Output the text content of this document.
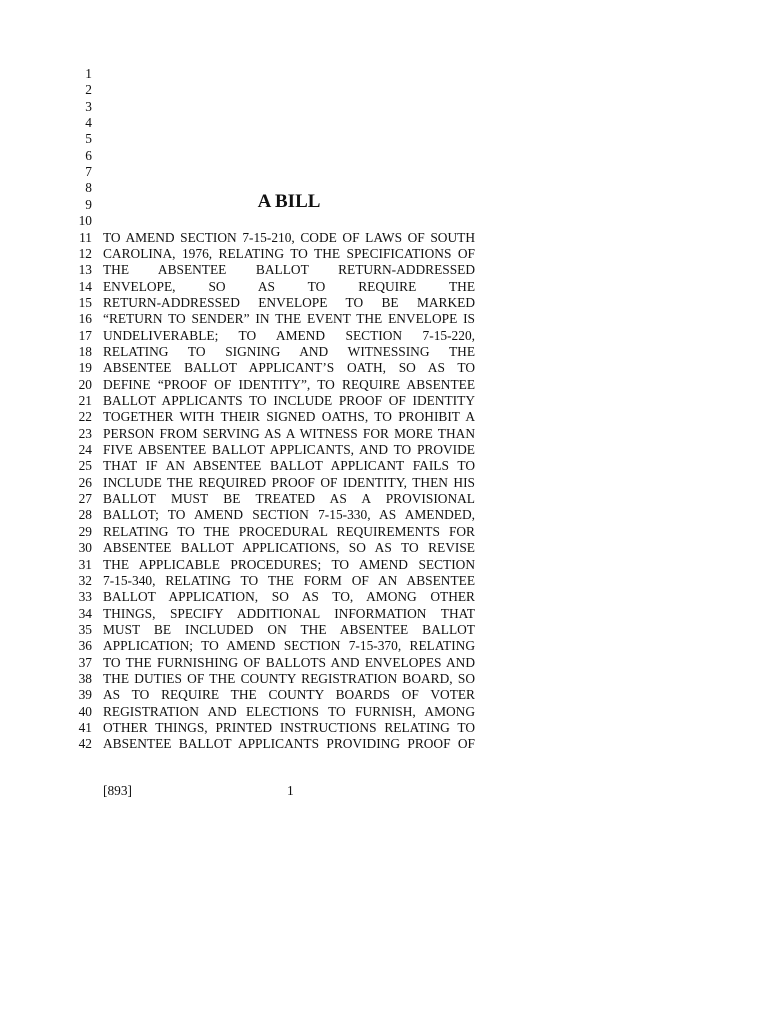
1
2
3
4
5
6
7
8
9	A BILL
10
11 TO AMEND SECTION 7-15-210, CODE OF LAWS OF SOUTH
12 CAROLINA, 1976, RELATING TO THE SPECIFICATIONS OF
13 THE ABSENTEE BALLOT RETURN-ADDRESSED
14 ENVELOPE, SO AS TO REQUIRE THE
15 RETURN-ADDRESSED ENVELOPE TO BE MARKED
16 “RETURN TO SENDER” IN THE EVENT THE ENVELOPE IS
17 UNDELIVERABLE; TO AMEND SECTION 7-15-220,
18 RELATING TO SIGNING AND WITNESSING THE
19 ABSENTEE BALLOT APPLICANT’S OATH, SO AS TO
20 DEFINE “PROOF OF IDENTITY”, TO REQUIRE ABSENTEE
21 BALLOT APPLICANTS TO INCLUDE PROOF OF IDENTITY
22 TOGETHER WITH THEIR SIGNED OATHS, TO PROHIBIT A
23 PERSON FROM SERVING AS A WITNESS FOR MORE THAN
24 FIVE ABSENTEE BALLOT APPLICANTS, AND TO PROVIDE
25 THAT IF AN ABSENTEE BALLOT APPLICANT FAILS TO
26 INCLUDE THE REQUIRED PROOF OF IDENTITY, THEN HIS
27 BALLOT MUST BE TREATED AS A PROVISIONAL
28 BALLOT; TO AMEND SECTION 7-15-330, AS AMENDED,
29 RELATING TO THE PROCEDURAL REQUIREMENTS FOR
30 ABSENTEE BALLOT APPLICATIONS, SO AS TO REVISE
31 THE APPLICABLE PROCEDURES; TO AMEND SECTION
32 7-15-340, RELATING TO THE FORM OF AN ABSENTEE
33 BALLOT APPLICATION, SO AS TO, AMONG OTHER
34 THINGS, SPECIFY ADDITIONAL INFORMATION THAT
35 MUST BE INCLUDED ON THE ABSENTEE BALLOT
36 APPLICATION; TO AMEND SECTION 7-15-370, RELATING
37 TO THE FURNISHING OF BALLOTS AND ENVELOPES AND
38 THE DUTIES OF THE COUNTY REGISTRATION BOARD, SO
39 AS TO REQUIRE THE COUNTY BOARDS OF VOTER
40 REGISTRATION AND ELECTIONS TO FURNISH, AMONG
41 OTHER THINGS, PRINTED INSTRUCTIONS RELATING TO
42 ABSENTEE BALLOT APPLICANTS PROVIDING PROOF OF
[893]	1
